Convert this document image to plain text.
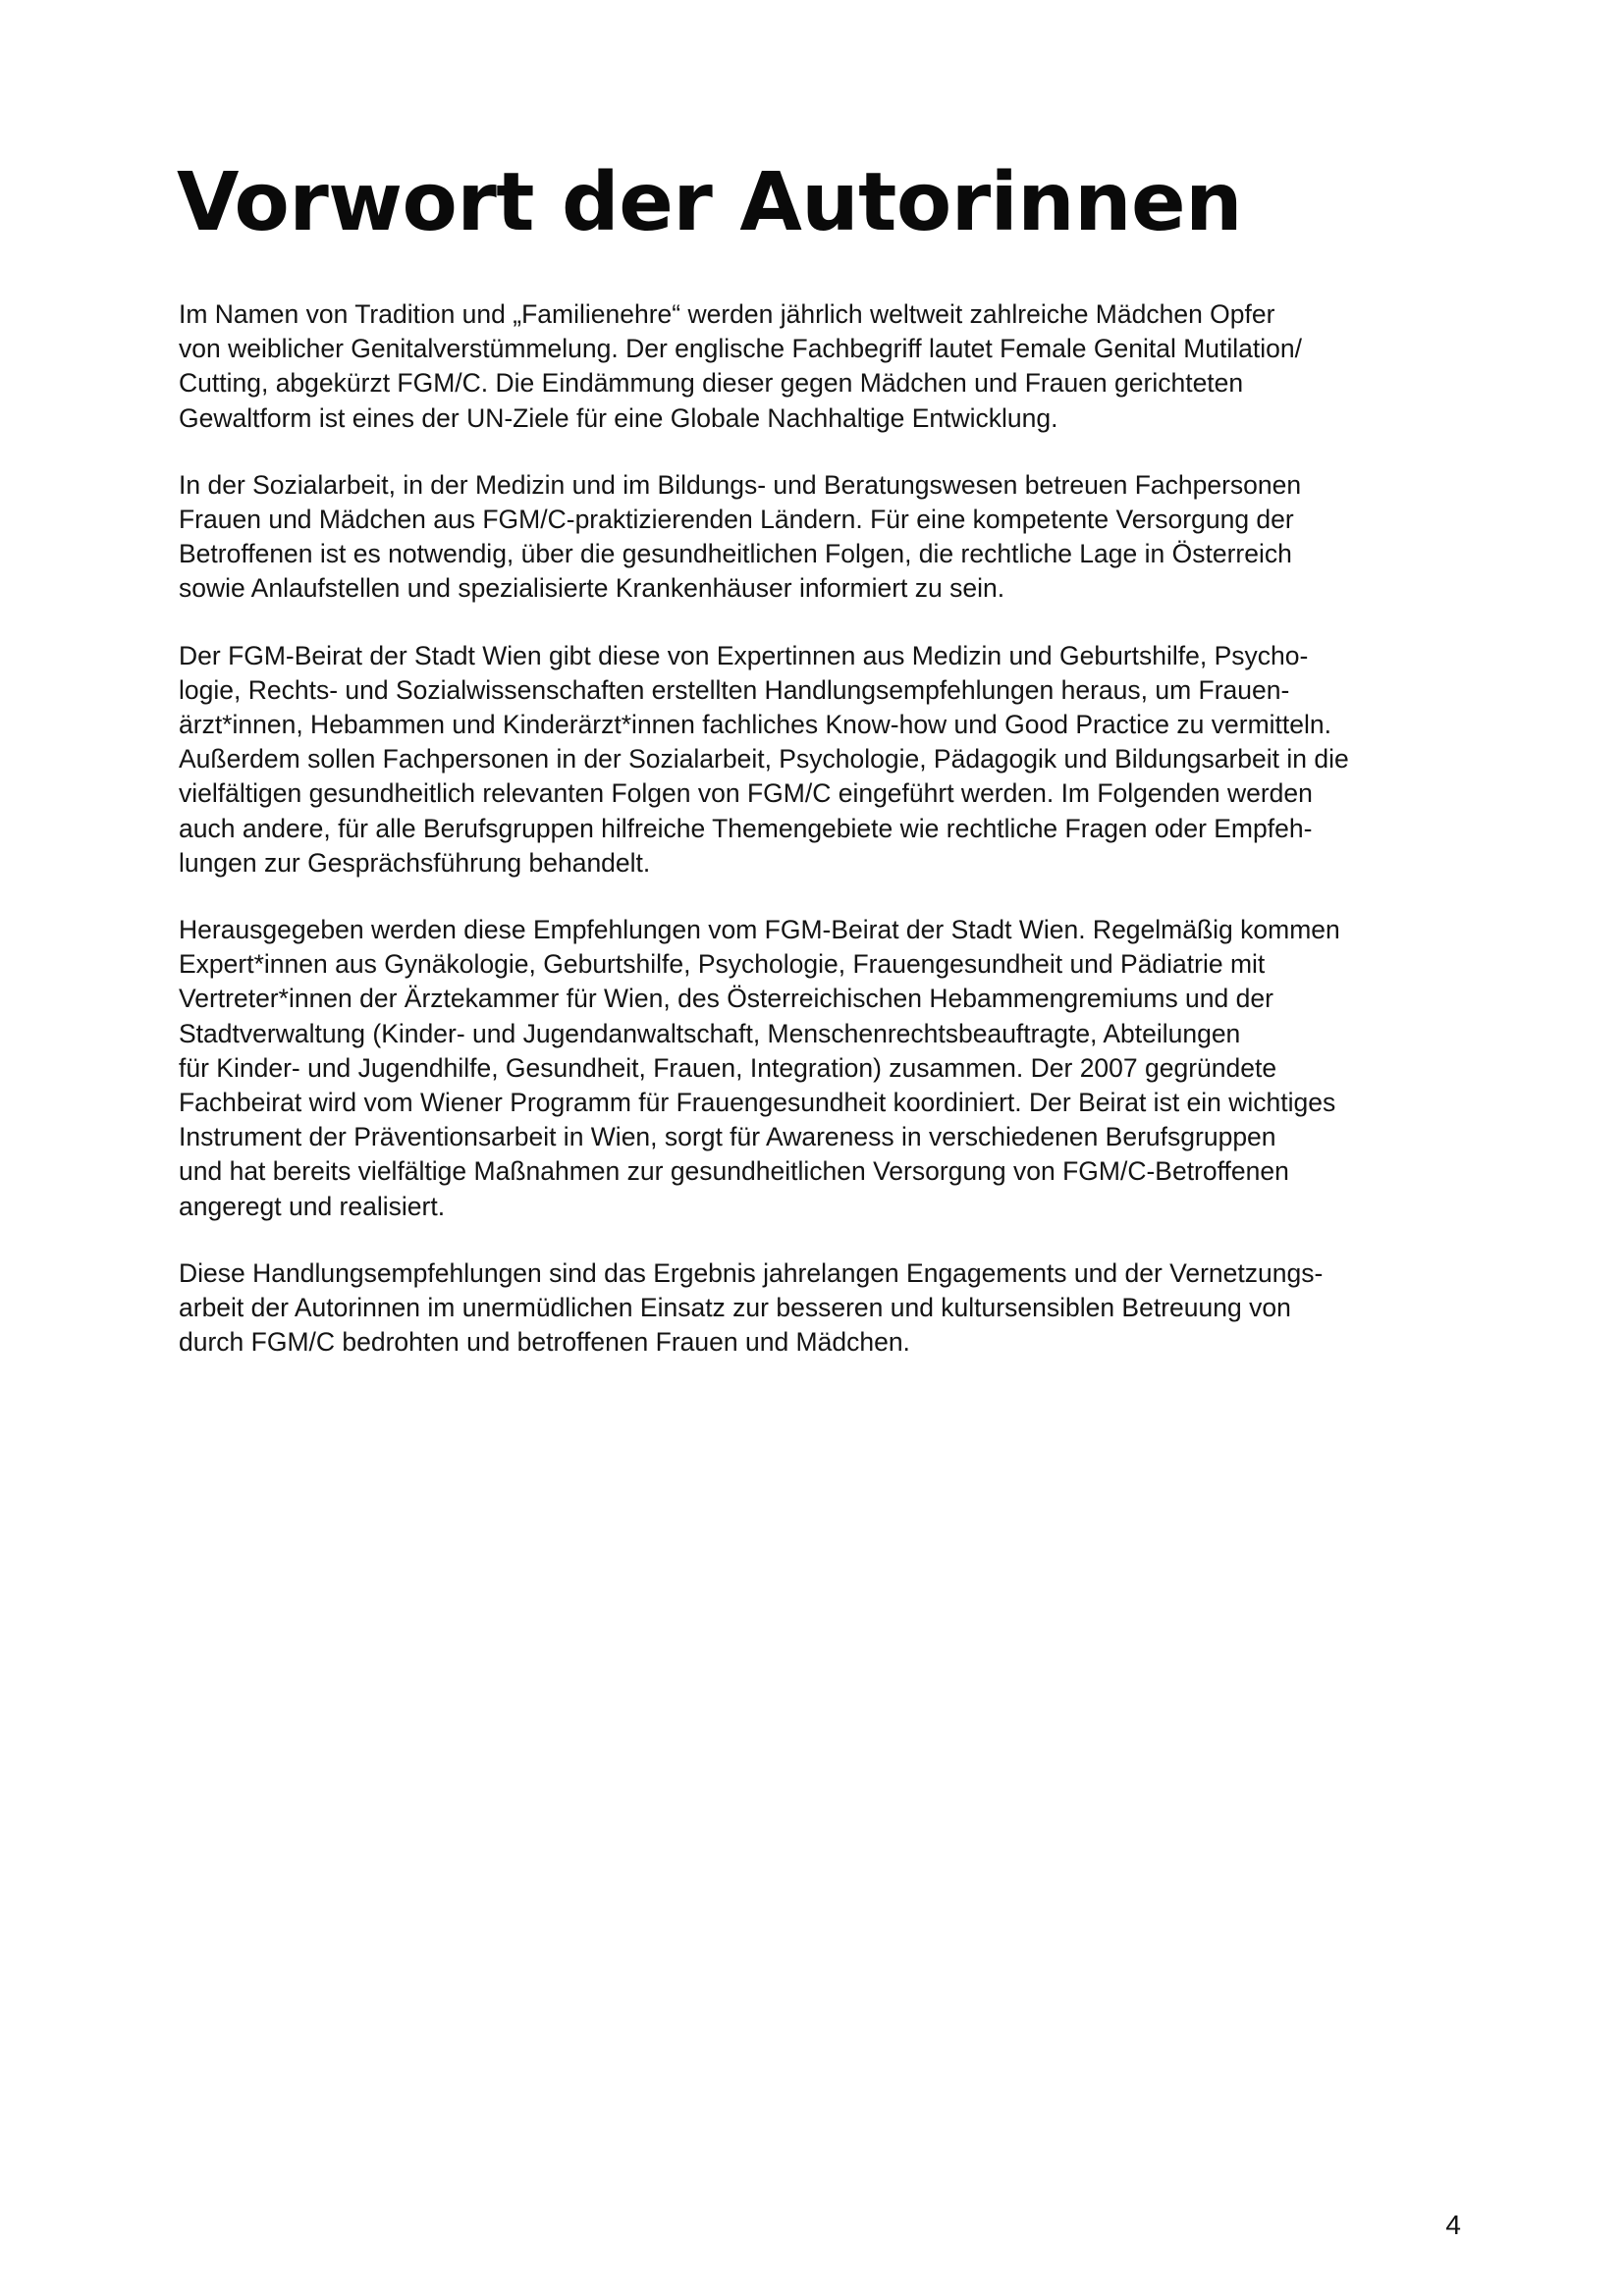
Vorwort der Autorinnen

Im Namen von Tradition und „Familienehre“ werden jährlich weltweit zahlreiche Mädchen Opfer
von weiblicher Genitalverstümmelung. Der englische Fachbegriff lautet Female Genital Mutilation/
Cutting, abgekürzt FGM/C. Die Eindämmung dieser gegen Mädchen und Frauen gerichteten
Gewaltform ist eines der UN-Ziele für eine Globale Nachhaltige Entwicklung.

In der Sozialarbeit, in der Medizin und im Bildungs- und Beratungswesen betreuen Fachpersonen
Frauen und Mädchen aus FGM/C-praktizierenden Ländern. Für eine kompetente Versorgung der
Betroffenen ist es notwendig, über die gesundheitlichen Folgen, die rechtliche Lage in Österreich
sowie Anlaufstellen und spezialisierte Krankenhäuser informiert zu sein.

Der FGM-Beirat der Stadt Wien gibt diese von Expertinnen aus Medizin und Geburtshilfe, Psycho-
logie, Rechts- und Sozialwissenschaften erstellten Handlungsempfehlungen heraus, um Frauen-
ärzt*innen, Hebammen und Kinderärzt*innen fachliches Know-how und Good Practice zu vermitteln.
Außerdem sollen Fachpersonen in der Sozialarbeit, Psychologie, Pädagogik und Bildungsarbeit in die
vielfältigen gesundheitlich relevanten Folgen von FGM/C eingeführt werden. Im Folgenden werden
auch andere, für alle Berufsgruppen hilfreiche Themengebiete wie rechtliche Fragen oder Empfeh-
lungen zur Gesprächsführung behandelt.

Herausgegeben werden diese Empfehlungen vom FGM-Beirat der Stadt Wien. Regelmäßig kommen
Expert*innen aus Gynäkologie, Geburtshilfe, Psychologie, Frauengesundheit und Pädiatrie mit
Vertreter*innen der Ärztekammer für Wien, des Österreichischen Hebammengremiums und der
Stadtverwaltung (Kinder- und Jugendanwaltschaft, Menschenrechtsbeauftragte, Abteilungen
für Kinder- und Jugendhilfe, Gesundheit, Frauen, Integration) zusammen. Der 2007 gegründete
Fachbeirat wird vom Wiener Programm für Frauengesundheit koordiniert. Der Beirat ist ein wichtiges
Instrument der Präventionsarbeit in Wien, sorgt für Awareness in verschiedenen Berufsgruppen
und hat bereits vielfältige Maßnahmen zur gesundheitlichen Versorgung von FGM/C-Betroffenen
angeregt und realisiert.

Diese Handlungsempfehlungen sind das Ergebnis jahrelangen Engagements und der Vernetzungs-
arbeit der Autorinnen im unermüdlichen Einsatz zur besseren und kultursensiblen Betreuung von
durch FGM/C bedrohten und betroffenen Frauen und Mädchen.

4
